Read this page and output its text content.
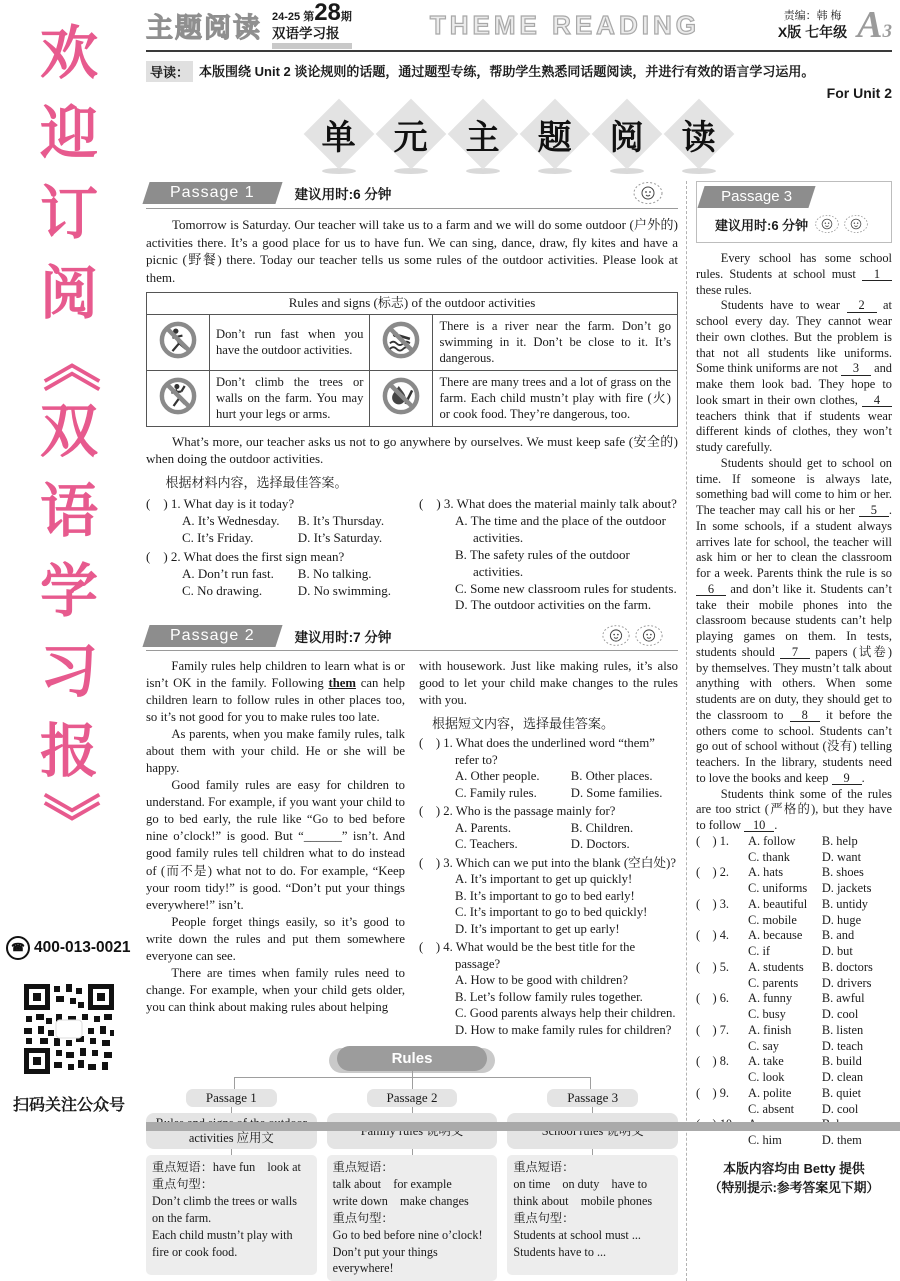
欢
迎
订
阅
《
双
语
学
习
报
》
☎ 400-013-0021
扫码关注公众号
主题阅读 24-25 第28期
双语学习报	THEME READING	责编：韩 梅
X版 七年级 A3
导读： 本版围绕 Unit 2 谈论规则的话题，通过题型专练，帮助学生熟悉同话题阅读，并进行有效的语言学习运用。
For Unit 2
单 元 主 题 阅 读
Passage 1	建议用时:6 分钟
Tomorrow is Saturday. Our teacher will take us to a farm and we will do some outdoor (户外的) activities there. It’s a good place for us to have fun. We can sing, dance, draw, fly kites and have a picnic (野餐) there. Today our teacher tells us some rules of the outdoor activities. Please look at them.
Rules and signs (标志) of the outdoor activities			
	Don’t run fast when you have the outdoor activities.		There is a river near the farm. Don’t go swimming in it. Don’t be close to it. It’s dangerous.
	Don’t climb the trees or walls on the farm. You may hurt your legs or arms.		There are many trees and a lot of grass on the farm. Each child mustn’t play with fire (火) or cook food. They’re dangerous, too.
What’s more, our teacher asks us not to go anywhere by ourselves. We must keep safe (安全的) when doing the outdoor activities.
根据材料内容，选择最佳答案。
(　) 1. What day is it today?
A. It’s Wednesday.	B. It’s Thursday.
C. It’s Friday.	D. It’s Saturday.
(　) 2. What does the first sign mean?
A. Don’t run fast.	B. No talking.
C. No drawing.	D. No swimming.
(　) 3. What does the material mainly talk about?
A. The time and the place of the outdoor activities.
B. The safety rules of the outdoor activities.
C. Some new classroom rules for students.
D. The outdoor activities on the farm.
Passage 2	建议用时:7 分钟
Family rules help children to learn what is or isn’t OK in the family. Following them can help children learn to follow rules in other places too, so it’s not good for you to make rules too late.
As parents, when you make family rules, talk about them with your child. He or she will be happy.
Good family rules are easy for children to understand. For example, if you want your child to go to bed early, the rule like “Go to bed before nine o’clock!” is good. But “______” isn’t. And good family rules tell children what to do instead of (而不是) what not to do. For example, “Keep your room tidy!” is good. “Don’t put your things everywhere!” isn’t.
People forget things easily, so it’s good to write down the rules and put them somewhere everyone can see.
There are times when family rules need to change. For example, when your child gets older, you can think about making rules about helping
with housework. Just like making rules, it’s also good to let your child make changes to the rules with you.
根据短文内容，选择最佳答案。
(　) 1. What does the underlined word “them” refer to?
A. Other people.	B. Other places.
C. Family rules.	D. Some families.
(　) 2. Who is the passage mainly for?
A. Parents.	B. Children.
C. Teachers.	D. Doctors.
(　) 3. Which can we put into the blank (空白处)?
A. It’s important to get up quickly!
B. It’s important to go to bed early!
C. It’s important to go to bed quickly!
D. It’s important to get up early!
(　) 4. What would be the best title for the passage?
A. How to be good with children?
B. Let’s follow family rules together.
C. Good parents always help their children.
D. How to make family rules for children?
Rules
Passage 1
activities 应用文
重点短语：have fun　look at
重点句型：
Don’t climb the trees or walls on the farm.
Each child mustn’t play with fire or cook food.
Passage 2
重点短语：
talk about　for example
write down　make changes
重点句型：
Go to bed before nine o’clock!
Don’t put your things everywhere!
Passage 3
重点短语：
on time　on duty　have to
think about　mobile phones
重点句型：
Students at school must ...
Students have to ...
Passage 3
建议用时:6 分钟
Every school has some school rules. Students at school must 1 these rules.
Students have to wear 2 at school every day. They cannot wear their own clothes. But the problem is that not all students like uniforms. Some think uniforms are not 3 and make them look bad. They hope to look smart in their own clothes, 4 teachers think that if students wear different kinds of clothes, they won’t study carefully.
Students should get to school on time. If someone is always late, something bad will come to him or her. The teacher may call his or her 5 . In some schools, if a student always arrives late for school, the teacher will ask him or her to clean the classroom for a week. Parents think the rule is so 6 and don’t like it. Students can’t take their mobile phones into the classroom because students can’t help playing games on them. In tests, students should 7 papers (试卷) by themselves. They mustn’t talk about anything with others. When some students are on duty, they should get to the classroom to 8 it before the others come to school. Students can’t go out of school without (没有) telling teachers. In the library, students need to love the books and keep 9 .
Students think some of the rules are too strict (严格的), but they have to follow 10 .
(　) 1.	A. follow	B. help
C. thank	D. want
(　) 2.	A. hats	B. shoes
C. uniforms	D. jackets
(　) 3.	A. beautiful	B. untidy
C. mobile	D. huge
(　) 4.	A. because	B. and
C. if	D. but
(　) 5.	A. students	B. doctors
C. parents	D. drivers
(　) 6.	A. funny	B. awful
C. busy	D. cool
(　) 7.	A. finish	B. listen
C. say	D. teach
(　) 8.	A. take	B. build
C. look	D. clean
(　) 9.	A. polite	B. quiet
C. absent	D. cool
C. him	D. them
本版内容均由 Betty 提供
（特别提示:参考答案见下期）
